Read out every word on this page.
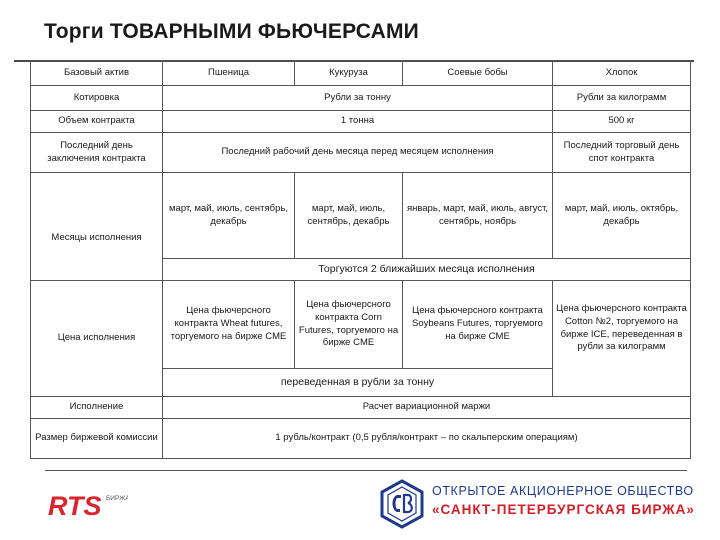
Торги ТОВАРНЫМИ ФЬЮЧЕРСАМИ
Базовый актив	Пшеница	Кукуруза	Соевые бобы	Хлопок
Котировка	Рубли за тонну			Рубли за килограмм
Объем контракта	1 тонна			500 кг
Последний день заключения контракта	Последний рабочий день месяца перед месяцем исполнения			Последний торговый день спот контракта
Месяцы исполнения	март, май, июль, сентябрь, декабрь	март, май, июль, сентябрь, декабрь	январь, март, май, июль, август, сентябрь, ноябрь	март, май, июль, октябрь, декабрь
	Торгуются 2 ближайших месяца исполнения			
Цена исполнения	Цена фьючерсного контракта Wheat futures, торгуемого на бирже CME	Цена фьючерсного контракта Corn Futures, торгуемого на бирже CME	Цена фьючерсного контракта Soybeans Futures, торгуемого на бирже CME	Цена фьючерсного контракта Cotton №2, торгуемого на бирже ICE, переведенная в рубли за килограмм
	переведенная в рубли за тонну			
Исполнение	Расчет вариационной маржи			
Размер биржевой комиссии	1 рубль/контракт (0,5 рубля/контракт – по скальперским операциям)			
RTS БИРЖА
ОТКРЫТОЕ АКЦИОНЕРНОЕ ОБЩЕСТВО
«САНКТ-ПЕТЕРБУРГСКАЯ БИРЖА»
